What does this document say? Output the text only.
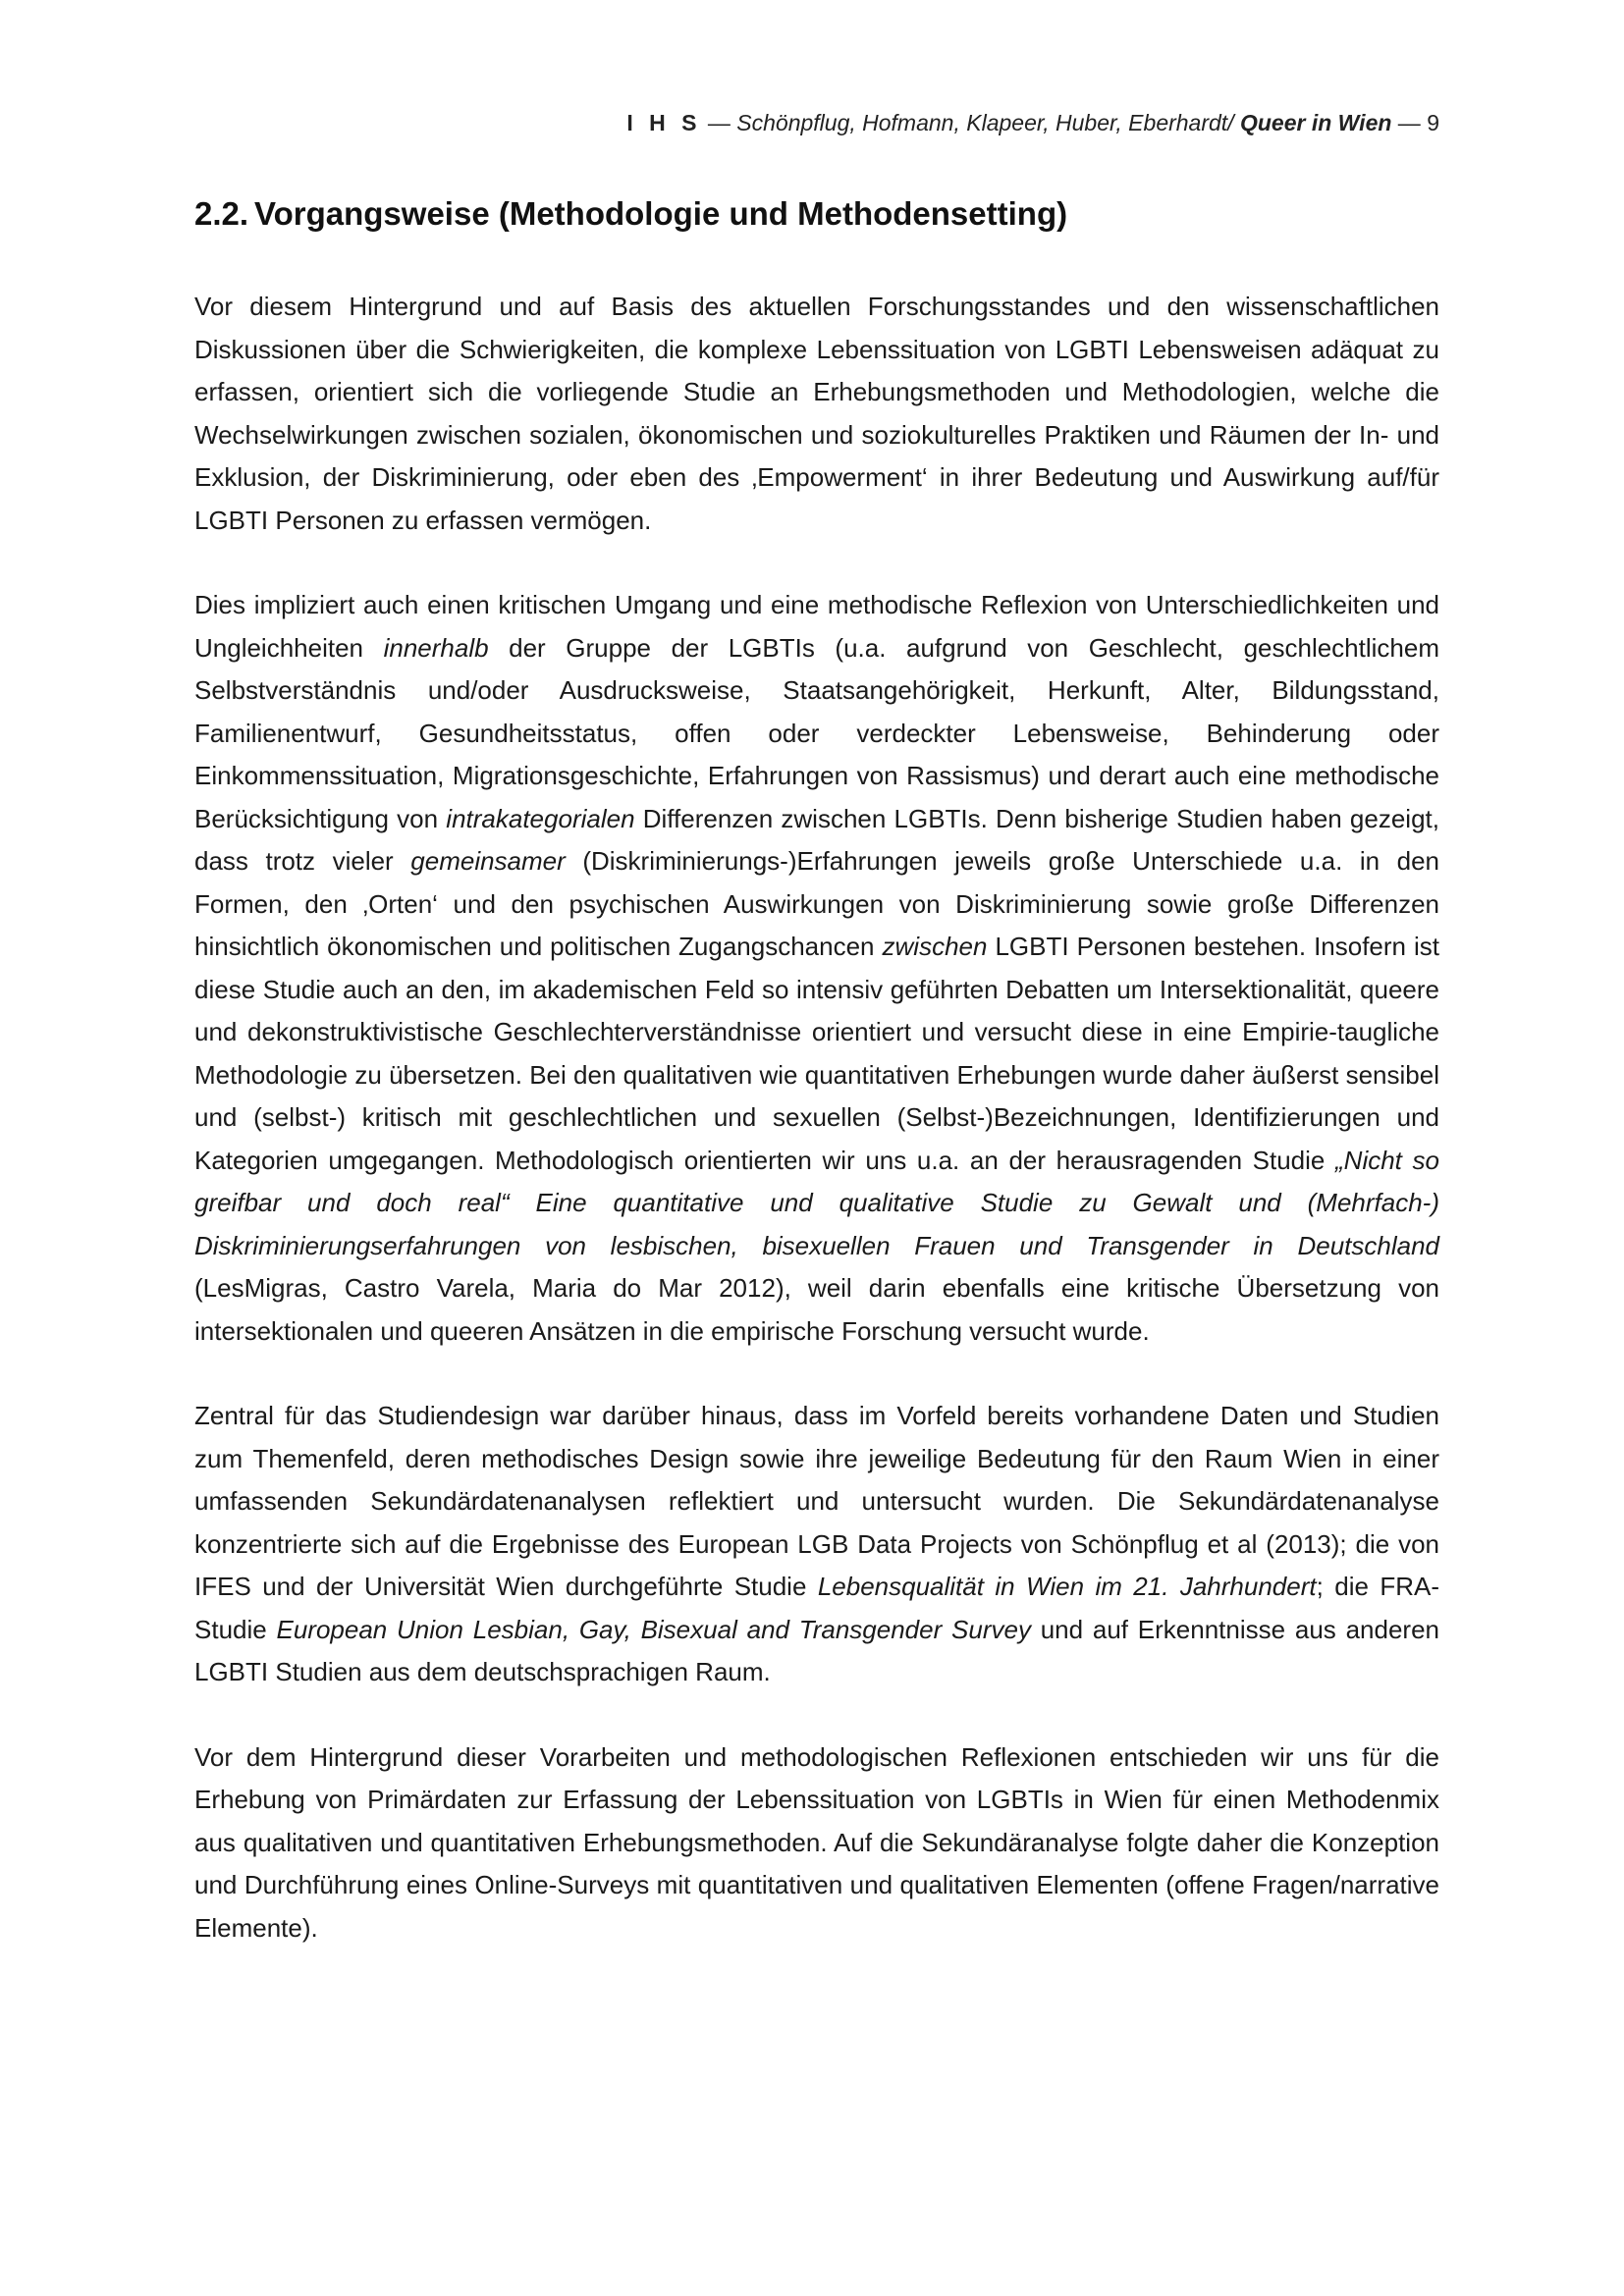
I H S — Schönpflug, Hofmann, Klapeer, Huber, Eberhardt/ Queer in Wien — 9
2.2. Vorgangsweise (Methodologie und Methodensetting)

Vor diesem Hintergrund und auf Basis des aktuellen Forschungsstandes und den wissenschaftlichen Diskussionen über die Schwierigkeiten, die komplexe Lebenssituation von LGBTI Lebensweisen adäquat zu erfassen, orientiert sich die vorliegende Studie an Erhebungsmethoden und Methodologien, welche die Wechselwirkungen zwischen sozialen, ökonomischen und soziokulturelles Praktiken und Räumen der In- und Exklusion, der Diskriminierung, oder eben des ‚Empowerment‘ in ihrer Bedeutung und Auswirkung auf/für LGBTI Personen zu erfassen vermögen.

Dies impliziert auch einen kritischen Umgang und eine methodische Reflexion von Unterschiedlichkeiten und Ungleichheiten innerhalb der Gruppe der LGBTIs (u.a. aufgrund von Geschlecht, geschlechtlichem Selbstverständnis und/oder Ausdrucksweise, Staatsangehörigkeit, Herkunft, Alter, Bildungsstand, Familienentwurf, Gesundheitsstatus, offen oder verdeckter Lebensweise, Behinderung oder Einkommenssituation, Migrationsgeschichte, Erfahrungen von Rassismus) und derart auch eine methodische Berücksichtigung von intrakategorialen Differenzen zwischen LGBTIs. Denn bisherige Studien haben gezeigt, dass trotz vieler gemeinsamer (Diskriminierungs-)Erfahrungen jeweils große Unterschiede u.a. in den Formen, den ‚Orten‘ und den psychischen Auswirkungen von Diskriminierung sowie große Differenzen hinsichtlich ökonomischen und politischen Zugangschancen zwischen LGBTI Personen bestehen. Insofern ist diese Studie auch an den, im akademischen Feld so intensiv geführten Debatten um Intersektionalität, queere und dekonstruktivistische Geschlechterverständnisse orientiert und versucht diese in eine Empirie-taugliche Methodologie zu übersetzen. Bei den qualitativen wie quantitativen Erhebungen wurde daher äußerst sensibel und (selbst-) kritisch mit geschlechtlichen und sexuellen (Selbst-)Bezeichnungen, Identifizierungen und Kategorien umgegangen. Methodologisch orientierten wir uns u.a. an der herausragenden Studie „Nicht so greifbar und doch real“ Eine quantitative und qualitative Studie zu Gewalt und (Mehrfach-) Diskriminierungserfahrungen von lesbischen, bisexuellen Frauen und Transgender in Deutschland (LesMigras, Castro Varela, Maria do Mar 2012), weil darin ebenfalls eine kritische Übersetzung von intersektionalen und queeren Ansätzen in die empirische Forschung versucht wurde.

Zentral für das Studiendesign war darüber hinaus, dass im Vorfeld bereits vorhandene Daten und Studien zum Themenfeld, deren methodisches Design sowie ihre jeweilige Bedeutung für den Raum Wien in einer umfassenden Sekundärdatenanalysen reflektiert und untersucht wurden. Die Sekundärdatenanalyse konzentrierte sich auf die Ergebnisse des European LGB Data Projects von Schönpflug et al (2013); die von IFES und der Universität Wien durchgeführte Studie Lebensqualität in Wien im 21. Jahrhundert; die FRA-Studie European Union Lesbian, Gay, Bisexual and Transgender Survey und auf Erkenntnisse aus anderen LGBTI Studien aus dem deutschsprachigen Raum.

Vor dem Hintergrund dieser Vorarbeiten und methodologischen Reflexionen entschieden wir uns für die Erhebung von Primärdaten zur Erfassung der Lebenssituation von LGBTIs in Wien für einen Methodenmix aus qualitativen und quantitativen Erhebungsmethoden. Auf die Sekundäranalyse folgte daher die Konzeption und Durchführung eines Online-Surveys mit quantitativen und qualitativen Elementen (offene Fragen/narrative Elemente).
